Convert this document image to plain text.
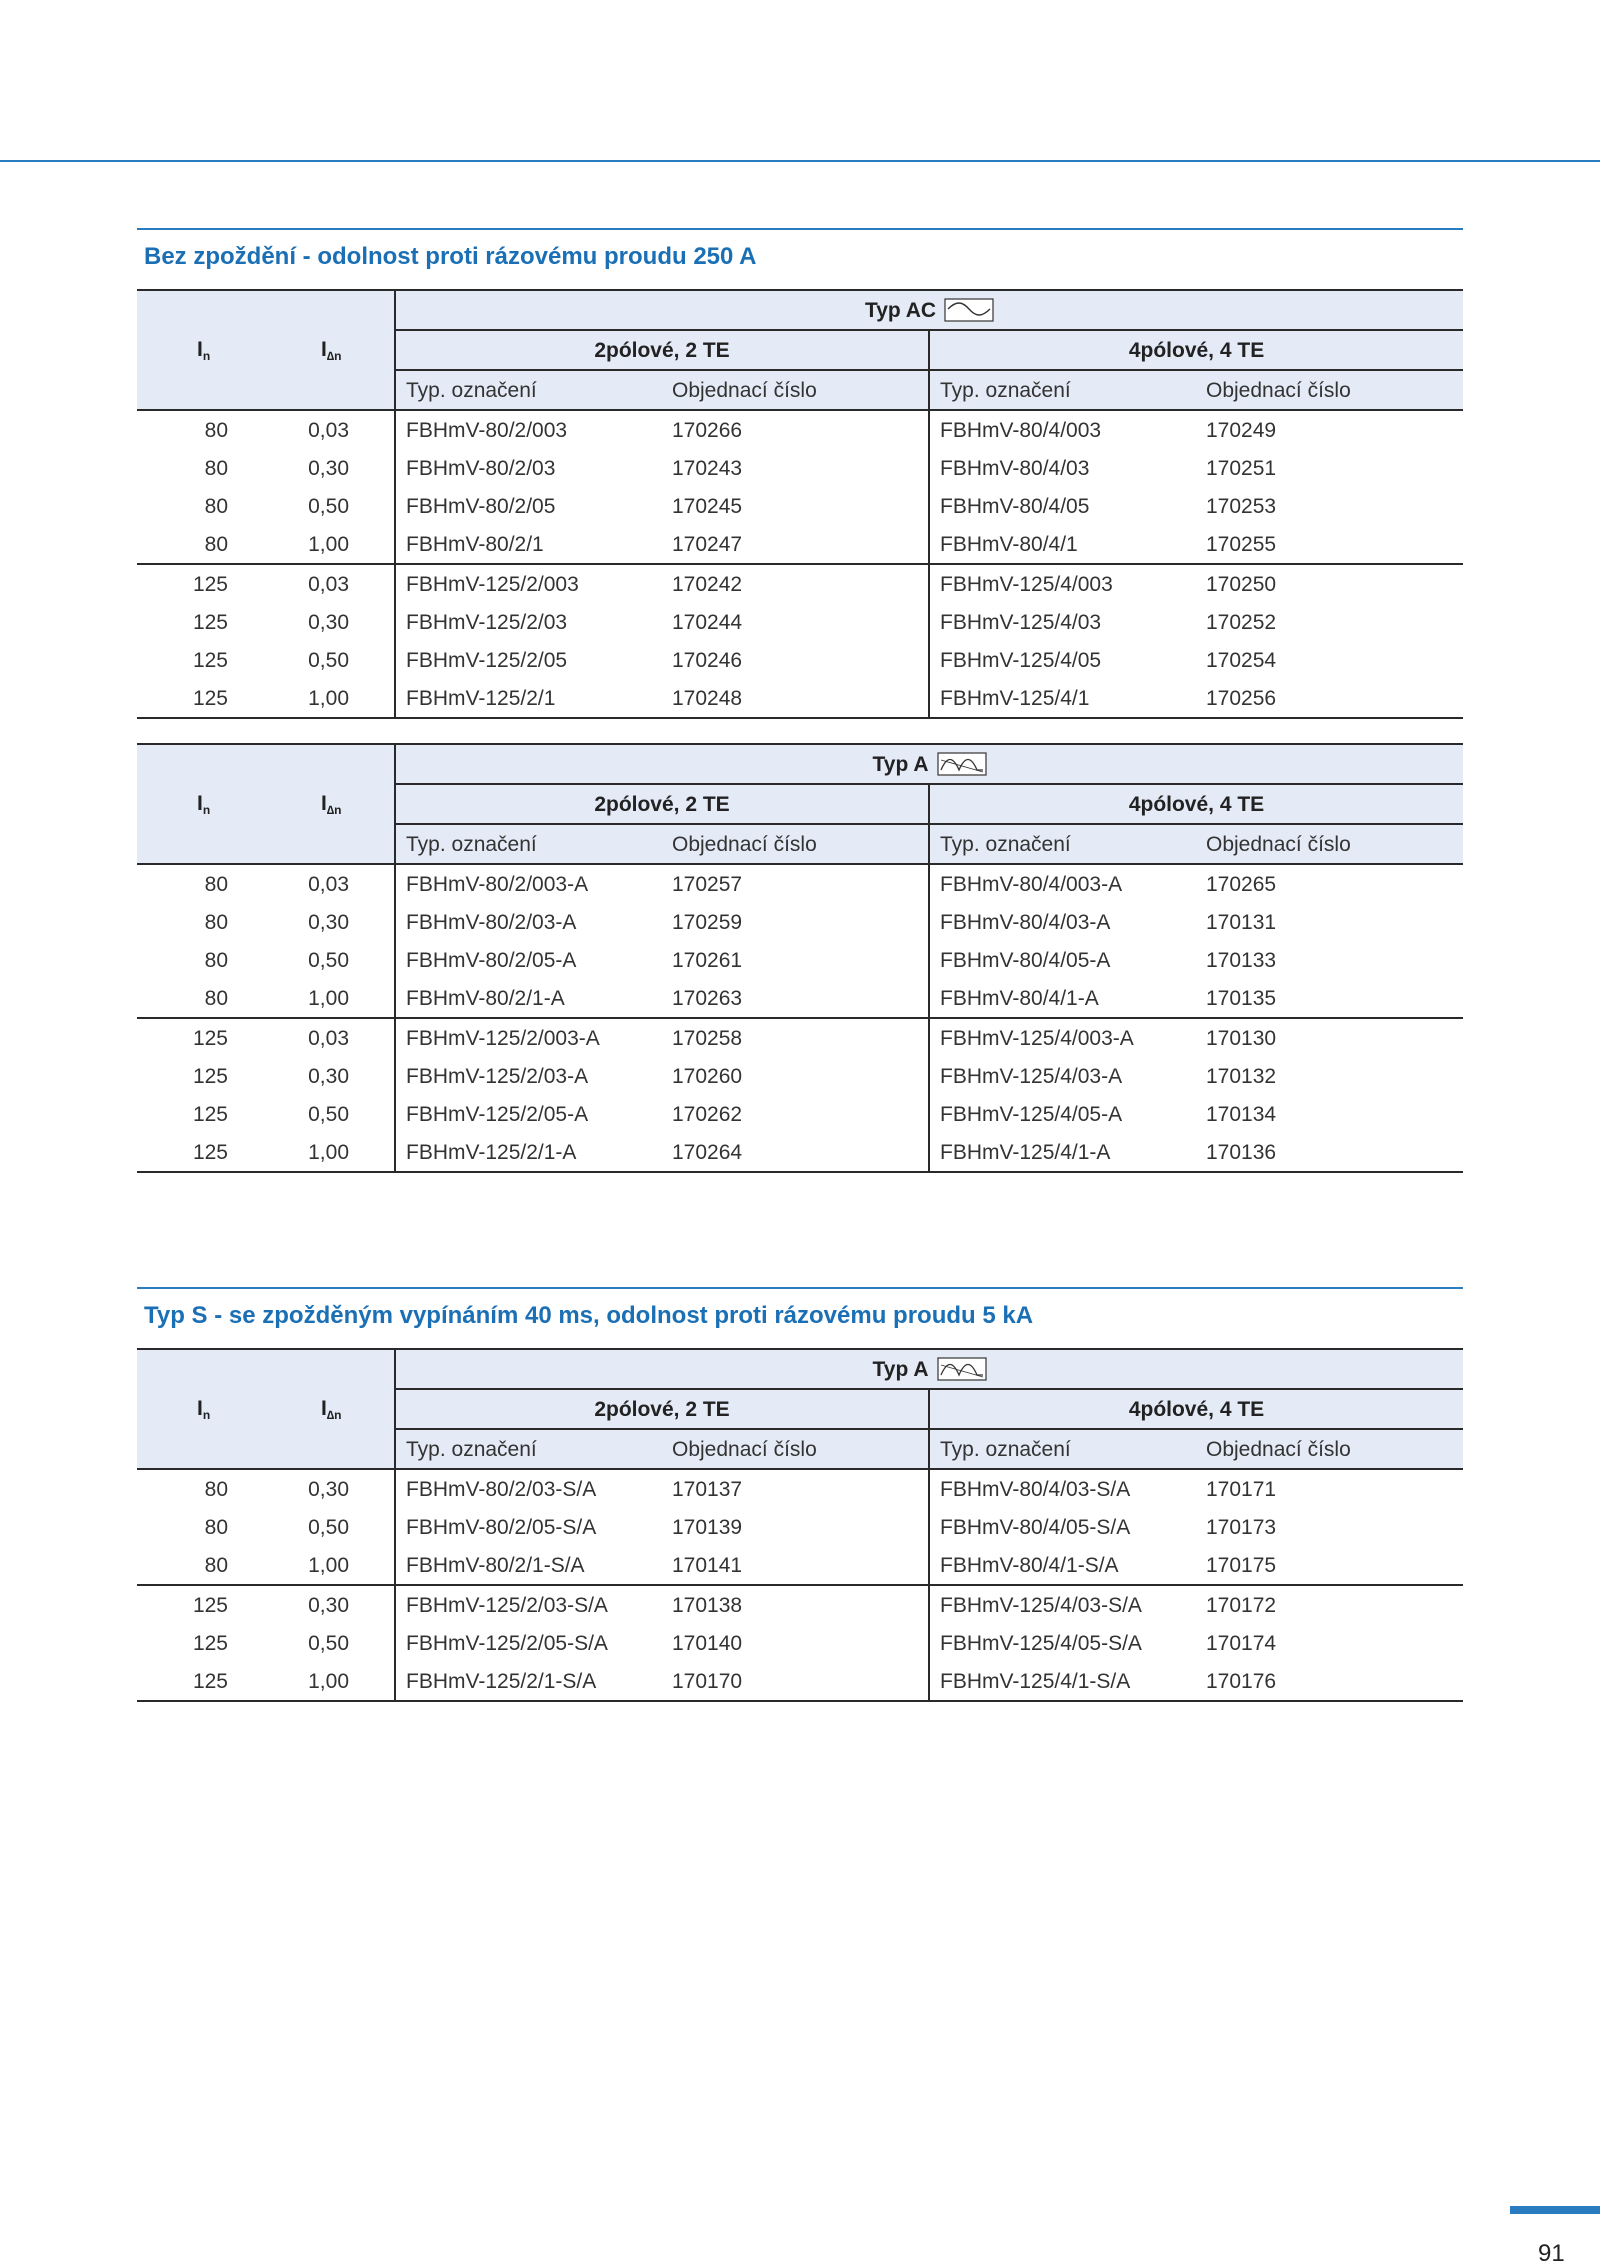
Bez zpoždění - odolnost proti rázovému proudu 250 A
In	I∆n	Typ AC			
		2pólové, 2 TE		4pólové, 4 TE	
		Typ. označení	Objednací číslo	Typ. označení	Objednací číslo
80	0,03	FBHmV-80/2/003	170266	FBHmV-80/4/003	170249
80	0,30	FBHmV-80/2/03	170243	FBHmV-80/4/03	170251
80	0,50	FBHmV-80/2/05	170245	FBHmV-80/4/05	170253
80	1,00	FBHmV-80/2/1	170247	FBHmV-80/4/1	170255
125	0,03	FBHmV-125/2/003	170242	FBHmV-125/4/003	170250
125	0,30	FBHmV-125/2/03	170244	FBHmV-125/4/03	170252
125	0,50	FBHmV-125/2/05	170246	FBHmV-125/4/05	170254
125	1,00	FBHmV-125/2/1	170248	FBHmV-125/4/1	170256
In	I∆n	Typ A			
		2pólové, 2 TE		4pólové, 4 TE	
		Typ. označení	Objednací číslo	Typ. označení	Objednací číslo
80	0,03	FBHmV-80/2/003-A	170257	FBHmV-80/4/003-A	170265
80	0,30	FBHmV-80/2/03-A	170259	FBHmV-80/4/03-A	170131
80	0,50	FBHmV-80/2/05-A	170261	FBHmV-80/4/05-A	170133
80	1,00	FBHmV-80/2/1-A	170263	FBHmV-80/4/1-A	170135
125	0,03	FBHmV-125/2/003-A	170258	FBHmV-125/4/003-A	170130
125	0,30	FBHmV-125/2/03-A	170260	FBHmV-125/4/03-A	170132
125	0,50	FBHmV-125/2/05-A	170262	FBHmV-125/4/05-A	170134
125	1,00	FBHmV-125/2/1-A	170264	FBHmV-125/4/1-A	170136
Typ S - se zpožděným vypínáním 40 ms, odolnost proti rázovému proudu 5 kA
In	I∆n	Typ A			
		2pólové, 2 TE		4pólové, 4 TE	
		Typ. označení	Objednací číslo	Typ. označení	Objednací číslo
80	0,30	FBHmV-80/2/03-S/A	170137	FBHmV-80/4/03-S/A	170171
80	0,50	FBHmV-80/2/05-S/A	170139	FBHmV-80/4/05-S/A	170173
80	1,00	FBHmV-80/2/1-S/A	170141	FBHmV-80/4/1-S/A	170175
125	0,30	FBHmV-125/2/03-S/A	170138	FBHmV-125/4/03-S/A	170172
125	0,50	FBHmV-125/2/05-S/A	170140	FBHmV-125/4/05-S/A	170174
125	1,00	FBHmV-125/2/1-S/A	170170	FBHmV-125/4/1-S/A	170176
91
